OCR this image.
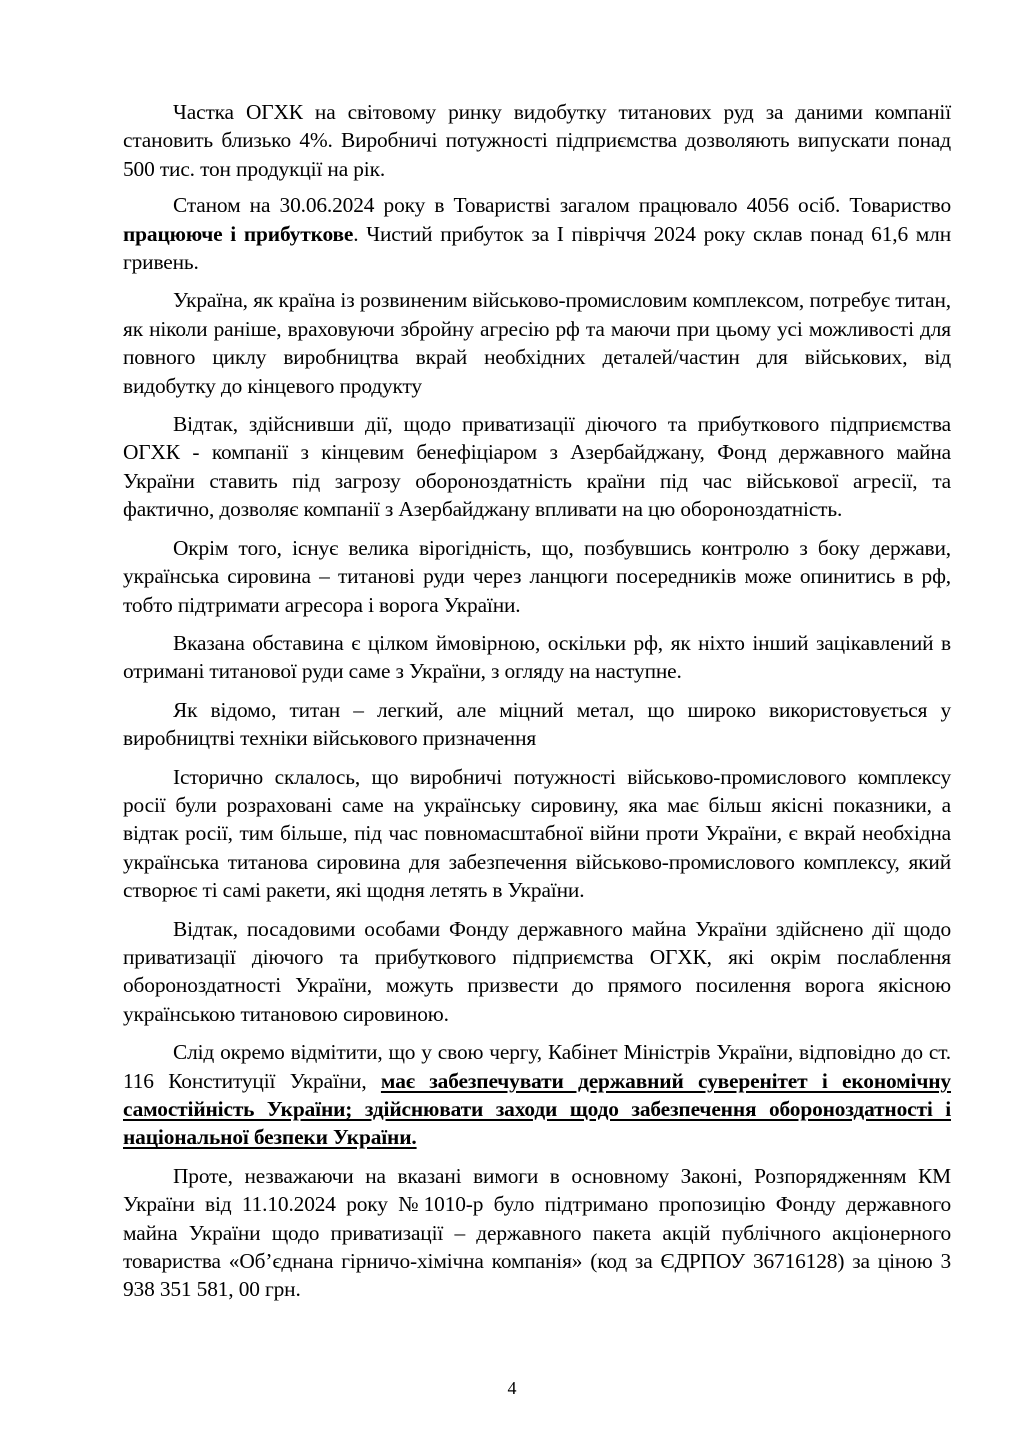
Частка ОГХК на світовому ринку видобутку титанових руд за даними компанії становить близько 4%. Виробничі потужності підприємства дозволяють випускати понад 500 тис. тон продукції на рік.

Станом на 30.06.2024 року в Товаристві загалом працювало 4056 осіб. Товариство працююче і прибуткове. Чистий прибуток за І півріччя 2024 року склав понад 61,6 млн гривень.

Україна, як країна із розвиненим військово-промисловим комплексом, потребує титан, як ніколи раніше, враховуючи збройну агресію рф та маючи при цьому усі можливості для повного циклу виробництва вкрай необхідних деталей/частин для військових, від видобутку до кінцевого продукту

Відтак, здійснивши дії, щодо приватизації діючого та прибуткового підприємства ОГХК - компанії з кінцевим бенефіціаром з Азербайджану, Фонд державного майна України ставить під загрозу обороноздатність країни під час військової агресії, та фактично, дозволяє компанії з Азербайджану впливати на цю обороноздатність.

Окрім того, існує велика вірогідність, що, позбувшись контролю з боку держави, українська сировина – титанові руди через ланцюги посередників може опинитись в рф, тобто підтримати агресора і ворога України.

Вказана обставина є цілком ймовірною, оскільки рф, як ніхто інший зацікавлений в отримані титанової руди саме з України, з огляду на наступне.

Як відомо, титан – легкий, але міцний метал, що широко використовується у виробництві техніки військового призначення

Історично склалось, що виробничі потужності військово-промислового комплексу росії були розраховані саме на українську сировину, яка має більш якісні показники, а відтак росії, тим більше, під час повномасштабної війни проти України, є вкрай необхідна українська титанова сировина для забезпечення військово-промислового комплексу, який створює ті самі ракети, які щодня летять в України.

Відтак, посадовими особами Фонду державного майна України здійснено дії щодо приватизації діючого та прибуткового підприємства ОГХК, які окрім послаблення обороноздатності України, можуть призвести до прямого посилення ворога якісною українською титановою сировиною.

Слід окремо відмітити, що у свою чергу, Кабінет Міністрів України, відповідно до ст. 116 Конституції України, має забезпечувати державний суверенітет і економічну самостійність України; здійснювати заходи щодо забезпечення обороноздатності і національної безпеки України.

Проте, незважаючи на вказані вимоги в основному Законі, Розпорядженням КМ України від 11.10.2024 року №1010-р було підтримано пропозицію Фонду державного майна України щодо приватизації – державного пакета акцій публічного акціонерного товариства «Об’єднана гірничо-хімічна компанія» (код за ЄДРПОУ 36716128) за ціною 3 938 351 581, 00 грн.

4
